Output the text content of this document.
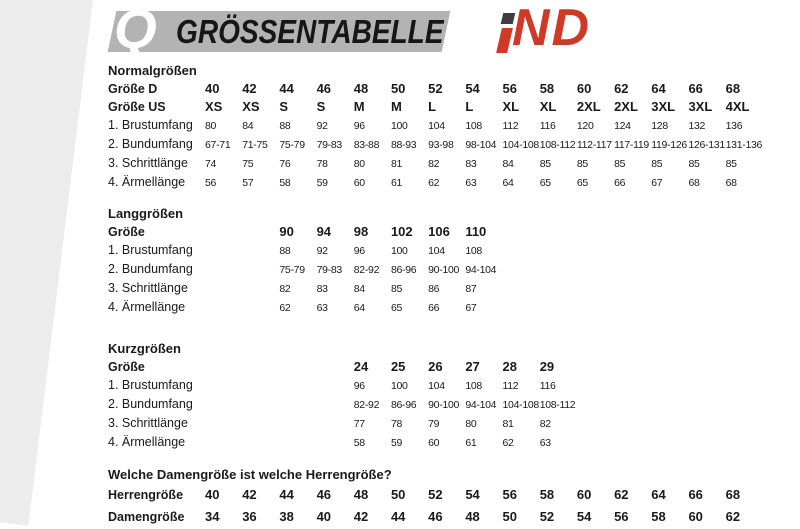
Q GRÖSSENTABELLE ND
Normalgrößen
Größe D	40	42	44	46	48	50	52	54	56	58	60	62	64	66	68
Größe US	XS	XS	S	S	M	M	L	L	XL	XL	2XL	2XL	3XL	3XL	4XL
1. Brustumfang	80	84	88	92	96	100	104	108	112	116	120	124	128	132	136
2. Bundumfang	67-71	71-75	75-79	79-83	83-88	88-93	93-98	98-104 104-108 108-112 112-117 117-119 119-126 126-131 131-136
3. Schrittlänge	74	75	76	78	80	81	82	83	84	85	85	85	85	85	85
4. Ärmellänge	56	57	58	59	60	61	62	63	64	65	65	66	67	68	68
Langgrößen
Größe	90	94	98	102	106	110
1. Brustumfang	88	92	96	100	104	108
2. Bundumfang	75-79	79-83	82-92	86-96	90-100 94-104
3. Schrittlänge	82	83	84	85	86	87
4. Ärmellänge	62	63	64	65	66	67
Kurzgrößen
Größe	24	25	26	27	28	29
1. Brustumfang	96	100	104	108	112	116
2. Bundumfang	82-92	86-96	90-100 94-104 104-108 108-112
3. Schrittlänge	77	78	79	80	81	82
4. Ärmellänge	58	59	60	61	62	63
Welche Damengröße ist welche Herrengröße?
Herrengröße	40	42	44	46	48	50	52	54	56	58	60	62	64	66	68
Damengröße	34	36	38	40	42	44	46	48	50	52	54	56	58	60	62
